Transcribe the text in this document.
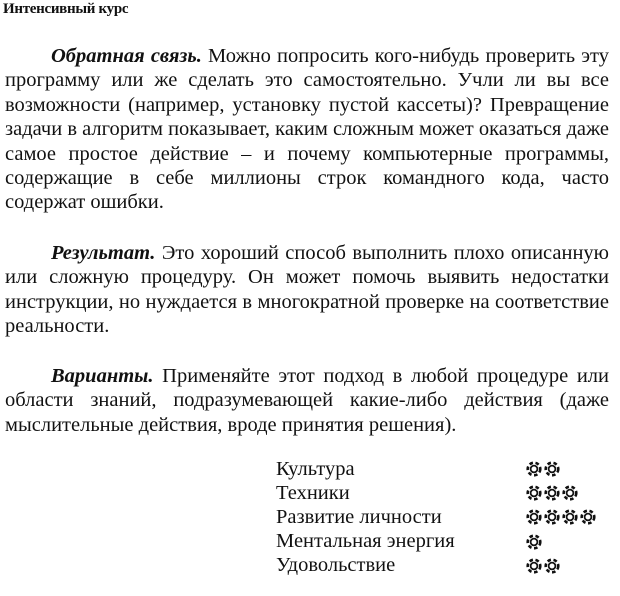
Интенсивный курс

Обратная связь. Можно попросить кого-нибудь проверить эту программу или же сделать это самостоятельно. Учли ли вы все возможности (например, установку пустой кассеты)? Превращение задачи в алгоритм показывает, каким сложным может оказаться даже самое простое действие – и почему компьютерные программы, содержащие в себе миллионы строк командного кода, часто содержат ошибки.

Результат. Это хороший способ выполнить плохо описанную или сложную процедуру. Он может помочь выявить недостатки инструкции, но нуждается в многократной проверке на соответствие реальности.

Варианты. Применяйте этот подход в любой процедуре или области знаний, подразумевающей какие-либо действия (даже мыслительные действия, вроде принятия решения).

Культура
Техники
Развитие личности
Ментальная энергия
Удовольствие
